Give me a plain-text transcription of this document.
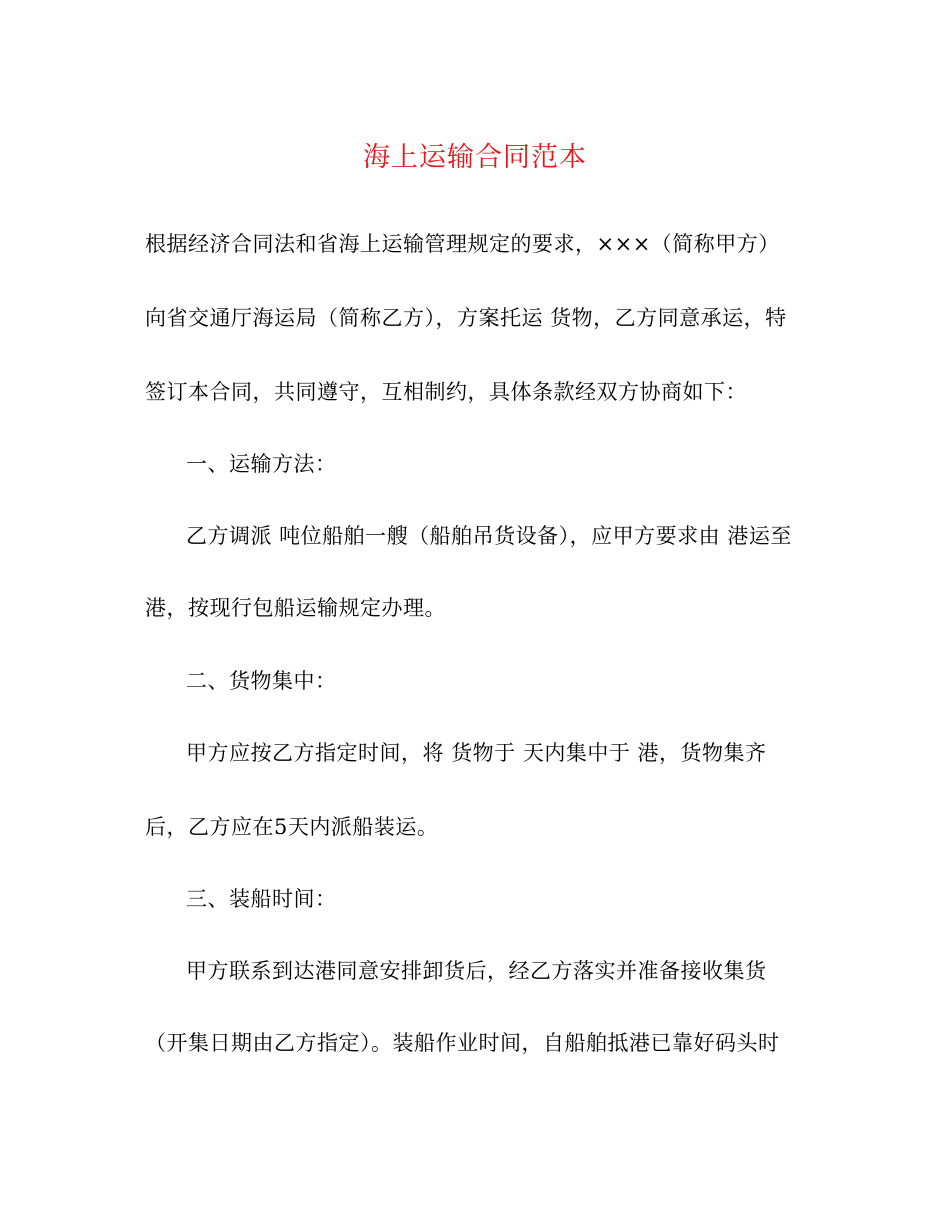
海上运输合同范本
根据经济合同法和省海上运输管理规定的要求，×××（简称甲方）
向省交通厅海运局（简称乙方），方案托运 货物，乙方同意承运，特
签订本合同，共同遵守，互相制约，具体条款经双方协商如下：
一、运输方法：
乙方调派 吨位船舶一艘（船舶吊货设备），应甲方要求由 港运至
港，按现行包船运输规定办理。
二、货物集中：
甲方应按乙方指定时间，将 货物于 天内集中于 港，货物集齐
后，乙方应在5天内派船装运。
三、装船时间：
甲方联系到达港同意安排卸货后，经乙方落实并准备接收集货
（开集日期由乙方指定）。装船作业时间，自船舶抵港已靠好码头时
